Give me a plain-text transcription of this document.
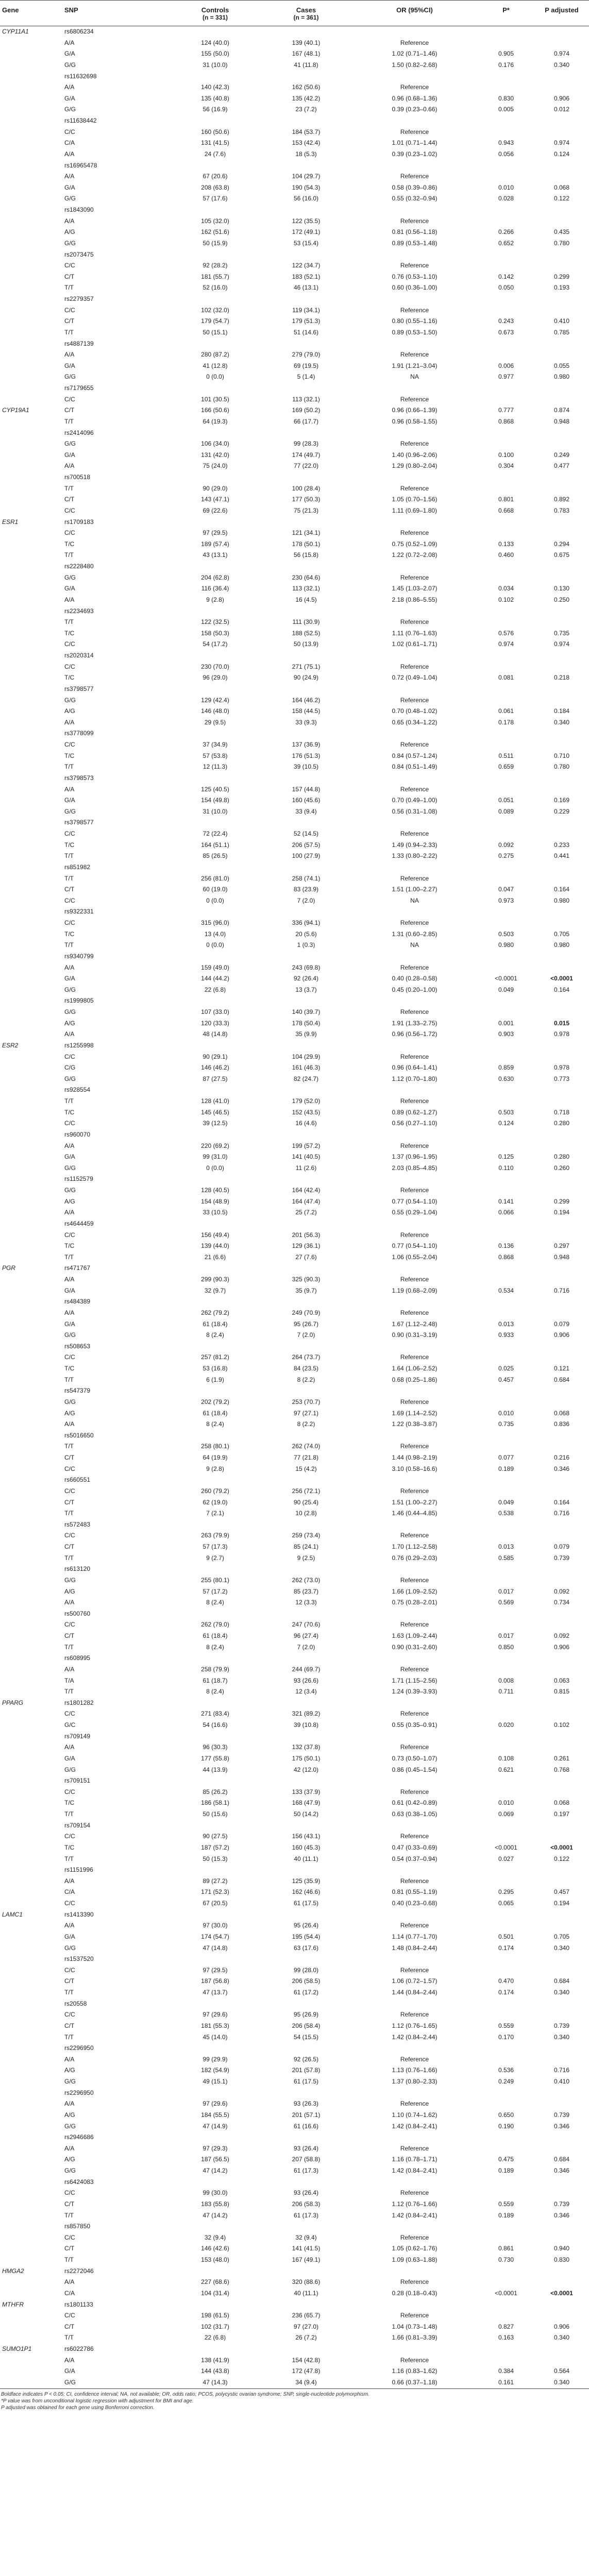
Gene	SNP	Controls	Cases	OR (95%CI)	P*	P adjusted
		(n = 331)	(n = 361)			
CYP11A1	rs6806234					
	A/A	124 (40.0)	139 (40.1)	Reference		
	G/A	155 (50.0)	167 (48.1)	1.02 (0.71–1.46)	0.905	0.974
	G/G	31 (10.0)	41 (11.8)	1.50 (0.82–2.68)	0.176	0.340
	rs11632698					
	A/A	140 (42.3)	162 (50.6)	Reference		
	G/A	135 (40.8)	135 (42.2)	0.96 (0.68–1.36)	0.830	0.906
	G/G	56 (16.9)	23 (7.2)	0.39 (0.23–0.66)	0.005	0.012
	rs11638442					
	C/C	160 (50.6)	184 (53.7)	Reference		
	C/A	131 (41.5)	153 (42.4)	1.01 (0.71–1.44)	0.943	0.974
	A/A	24 (7.6)	18 (5.3)	0.39 (0.23–1.02)	0.056	0.124
	rs16965478					
	A/A	67 (20.6)	104 (29.7)	Reference		
	G/A	208 (63.8)	190 (54.3)	0.58 (0.39–0.86)	0.010	0.068
	G/G	57 (17.6)	56 (16.0)	0.55 (0.32–0.94)	0.028	0.122
	rs1843090					
	A/A	105 (32.0)	122 (35.5)	Reference		
	A/G	162 (51.6)	172 (49.1)	0.81 (0.56–1.18)	0.266	0.435
	G/G	50 (15.9)	53 (15.4)	0.89 (0.53–1.48)	0.652	0.780
	rs2073475					
	C/C	92 (28.2)	122 (34.7)	Reference		
	C/T	181 (55.7)	183 (52.1)	0.76 (0.53–1.10)	0.142	0.299
	T/T	52 (16.0)	46 (13.1)	0.60 (0.36–1.00)	0.050	0.193
	rs2279357					
	C/C	102 (32.0)	119 (34.1)	Reference		
	C/T	179 (54.7)	179 (51.3)	0.80 (0.55–1.16)	0.243	0.410
	T/T	50 (15.1)	51 (14.6)	0.89 (0.53–1.50)	0.673	0.785
	rs4887139					
	A/A	280 (87.2)	279 (79.0)	Reference		
	G/A	41 (12.8)	69 (19.5)	1.91 (1.21–3.04)	0.006	0.055
	G/G	0 (0.0)	5 (1.4)	NA	0.977	0.980
	rs7179655					
	C/C	101 (30.5)	113 (32.1)	Reference		
CYP19A1	C/T	166 (50.6)	169 (50.2)	0.96 (0.66–1.39)	0.777	0.874
	T/T	64 (19.3)	66 (17.7)	0.96 (0.58–1.55)	0.868	0.948
	rs2414096					
	G/G	106 (34.0)	99 (28.3)	Reference		
	G/A	131 (42.0)	174 (49.7)	1.40 (0.96–2.06)	0.100	0.249
	A/A	75 (24.0)	77 (22.0)	1.29 (0.80–2.04)	0.304	0.477
	rs700518					
	T/T	90 (29.0)	100 (28.4)	Reference		
	C/T	143 (47.1)	177 (50.3)	1.05 (0.70–1.56)	0.801	0.892
	C/C	69 (22.6)	75 (21.3)	1.11 (0.69–1.80)	0.668	0.783
ESR1	rs1709183					
	C/C	97 (29.5)	121 (34.1)	Reference		
	T/C	189 (57.4)	178 (50.1)	0.75 (0.52–1.09)	0.133	0.294
	T/T	43 (13.1)	56 (15.8)	1.22 (0.72–2.08)	0.460	0.675
	rs2228480					
	G/G	204 (62.8)	230 (64.6)	Reference		
	G/A	116 (36.4)	113 (32.1)	1.45 (1.03–2.07)	0.034	0.130
	A/A	9 (2.8)	16 (4.5)	2.18 (0.86–5.55)	0.102	0.250
	rs2234693					
	T/T	122 (32.5)	111 (30.9)	Reference		
	T/C	158 (50.3)	188 (52.5)	1.11 (0.76–1.63)	0.576	0.735
	C/C	54 (17.2)	50 (13.9)	1.02 (0.61–1.71)	0.974	0.974
	rs2020314					
	C/C	230 (70.0)	271 (75.1)	Reference		
	T/C	96 (29.0)	90 (24.9)	0.72 (0.49–1.04)	0.081	0.218
	rs3798577					
	G/G	129 (42.4)	164 (46.2)	Reference		
	A/G	146 (48.0)	158 (44.5)	0.70 (0.48–1.02)	0.061	0.184
	A/A	29 (9.5)	33 (9.3)	0.65 (0.34–1.22)	0.178	0.340
	rs3778099					
	C/C	37 (34.9)	137 (36.9)	Reference		
	T/C	57 (53.8)	176 (51.3)	0.84 (0.57–1.24)	0.511	0.710
	T/T	12 (11.3)	39 (10.5)	0.84 (0.51–1.49)	0.659	0.780
	rs3798573					
	A/A	125 (40.5)	157 (44.8)	Reference		
	G/A	154 (49.8)	160 (45.6)	0.70 (0.49–1.00)	0.051	0.169
	G/G	31 (10.0)	33 (9.4)	0.56 (0.31–1.08)	0.089	0.229
	rs3798577					
	C/C	72 (22.4)	52 (14.5)	Reference		
	T/C	164 (51.1)	206 (57.5)	1.49 (0.94–2.33)	0.092	0.233
	T/T	85 (26.5)	100 (27.9)	1.33 (0.80–2.22)	0.275	0.441
	rs851982					
	T/T	256 (81.0)	258 (74.1)	Reference		
	C/T	60 (19.0)	83 (23.9)	1.51 (1.00–2.27)	0.047	0.164
	C/C	0 (0.0)	7 (2.0)	NA	0.973	0.980
	rs9322331					
	C/C	315 (96.0)	336 (94.1)	Reference		
	T/C	13 (4.0)	20 (5.6)	1.31 (0.60–2.85)	0.503	0.705
	T/T	0 (0.0)	1 (0.3)	NA	0.980	0.980
	rs9340799					
	A/A	159 (49.0)	243 (69.8)	Reference		
	G/A	144 (44.2)	92 (26.4)	0.40 (0.28–0.58)	<0.0001	<0.0001
	G/G	22 (6.8)	13 (3.7)	0.45 (0.20–1.00)	0.049	0.164
	rs1999805					
	G/G	107 (33.0)	140 (39.7)	Reference		
	A/G	120 (33.3)	178 (50.4)	1.91 (1.33–2.75)	0.001	0.015
	A/A	48 (14.8)	35 (9.9)	0.96 (0.56–1.72)	0.903	0.978
ESR2	rs1255998					
	C/C	90 (29.1)	104 (29.9)	Reference		
	C/G	146 (46.2)	161 (46.3)	0.96 (0.64–1.41)	0.859	0.978
	G/G	87 (27.5)	82 (24.7)	1.12 (0.70–1.80)	0.630	0.773
	rs928554					
	T/T	128 (41.0)	179 (52.0)	Reference		
	T/C	145 (46.5)	152 (43.5)	0.89 (0.62–1.27)	0.503	0.718
	C/C	39 (12.5)	16 (4.6)	0.56 (0.27–1.10)	0.124	0.280
	rs960070					
	A/A	220 (69.2)	199 (57.2)	Reference		
	G/A	99 (31.0)	141 (40.5)	1.37 (0.96–1.95)	0.125	0.280
	G/G	0 (0.0)	11 (2.6)	2.03 (0.85–4.85)	0.110	0.260
	rs1152579					
	G/G	128 (40.5)	164 (42.4)	Reference		
	A/G	154 (48.9)	164 (47.4)	0.77 (0.54–1.10)	0.141	0.299
	A/A	33 (10.5)	25 (7.2)	0.55 (0.29–1.04)	0.066	0.194
	rs4644459					
	C/C	156 (49.4)	201 (56.3)	Reference		
	T/C	139 (44.0)	129 (36.1)	0.77 (0.54–1.10)	0.136	0.297
	T/T	21 (6.6)	27 (7.6)	1.06 (0.55–2.04)	0.868	0.948
PGR	rs471767					
	A/A	299 (90.3)	325 (90.3)	Reference		
	G/A	32 (9.7)	35 (9.7)	1.19 (0.68–2.09)	0.534	0.716
	rs484389					
	A/A	262 (79.2)	249 (70.9)	Reference		
	G/A	61 (18.4)	95 (26.7)	1.67 (1.12–2.48)	0.013	0.079
	G/G	8 (2.4)	7 (2.0)	0.90 (0.31–3.19)	0.933	0.906
	rs508653					
	C/C	257 (81.2)	264 (73.7)	Reference		
	T/C	53 (16.8)	84 (23.5)	1.64 (1.06–2.52)	0.025	0.121
	T/T	6 (1.9)	8 (2.2)	0.68 (0.25–1.86)	0.457	0.684
	rs547379					
	G/G	202 (79.2)	253 (70.7)	Reference		
	A/G	61 (18.4)	97 (27.1)	1.69 (1.14–2.52)	0.010	0.068
	A/A	8 (2.4)	8 (2.2)	1.22 (0.38–3.87)	0.735	0.836
	rs5016650					
	T/T	258 (80.1)	262 (74.0)	Reference		
	C/T	64 (19.9)	77 (21.8)	1.44 (0.98–2.19)	0.077	0.216
	C/C	9 (2.8)	15 (4.2)	3.10 (0.58–16.6)	0.189	0.346
	rs660551					
	C/C	260 (79.2)	256 (72.1)	Reference		
	C/T	62 (19.0)	90 (25.4)	1.51 (1.00–2.27)	0.049	0.164
	T/T	7 (2.1)	10 (2.8)	1.46 (0.44–4.85)	0.538	0.716
	rs572483					
	C/C	263 (79.9)	259 (73.4)	Reference		
	C/T	57 (17.3)	85 (24.1)	1.70 (1.12–2.58)	0.013	0.079
	T/T	9 (2.7)	9 (2.5)	0.76 (0.29–2.03)	0.585	0.739
	rs613120					
	G/G	255 (80.1)	262 (73.0)	Reference		
	A/G	57 (17.2)	85 (23.7)	1.66 (1.09–2.52)	0.017	0.092
	A/A	8 (2.4)	12 (3.3)	0.75 (0.28–2.01)	0.569	0.734
	rs500760					
	C/C	262 (79.0)	247 (70.6)	Reference		
	C/T	61 (18.4)	96 (27.4)	1.63 (1.09–2.44)	0.017	0.092
	T/T	8 (2.4)	7 (2.0)	0.90 (0.31–2.60)	0.850	0.906
	rs608995					
	A/A	258 (79.9)	244 (69.7)	Reference		
	T/A	61 (18.7)	93 (26.6)	1.71 (1.15–2.56)	0.008	0.063
	T/T	8 (2.4)	12 (3.4)	1.24 (0.39–3.93)	0.711	0.815
PPARG	rs1801282					
	C/C	271 (83.4)	321 (89.2)	Reference		
	G/C	54 (16.6)	39 (10.8)	0.55 (0.35–0.91)	0.020	0.102
	rs709149					
	A/A	96 (30.3)	132 (37.8)	Reference		
	G/A	177 (55.8)	175 (50.1)	0.73 (0.50–1.07)	0.108	0.261
	G/G	44 (13.9)	42 (12.0)	0.86 (0.45–1.54)	0.621	0.768
	rs709151					
	C/C	85 (26.2)	133 (37.9)	Reference		
	T/C	186 (58.1)	168 (47.9)	0.61 (0.42–0.89)	0.010	0.068
	T/T	50 (15.6)	50 (14.2)	0.63 (0.38–1.05)	0.069	0.197
	rs709154					
	C/C	90 (27.5)	156 (43.1)	Reference		
	T/C	187 (57.2)	160 (45.3)	0.47 (0.33–0.69)	<0.0001	<0.0001
	T/T	50 (15.3)	40 (11.1)	0.54 (0.37–0.94)	0.027	0.122
	rs1151996					
	A/A	89 (27.2)	125 (35.9)	Reference		
	C/A	171 (52.3)	162 (46.6)	0.81 (0.55–1.19)	0.295	0.457
	C/C	67 (20.5)	61 (17.5)	0.40 (0.23–0.68)	0.065	0.194
LAMC1	rs1413390					
	A/A	97 (30.0)	95 (26.4)	Reference		
	G/A	174 (54.7)	195 (54.4)	1.14 (0.77–1.70)	0.501	0.705
	G/G	47 (14.8)	63 (17.6)	1.48 (0.84–2.44)	0.174	0.340
	rs1537520					
	C/C	97 (29.5)	99 (28.0)	Reference		
	C/T	187 (56.8)	206 (58.5)	1.06 (0.72–1.57)	0.470	0.684
	T/T	47 (13.7)	61 (17.2)	1.44 (0.84–2.44)	0.174	0.340
	rs20558					
	C/C	97 (29.6)	95 (26.9)	Reference		
	C/T	181 (55.3)	206 (58.4)	1.12 (0.76–1.65)	0.559	0.739
	T/T	45 (14.0)	54 (15.5)	1.42 (0.84–2.44)	0.170	0.340
	rs2296950					
	A/A	99 (29.9)	92 (26.5)	Reference		
	A/G	182 (54.9)	201 (57.8)	1.13 (0.76–1.66)	0.536	0.716
	G/G	49 (15.1)	61 (17.5)	1.37 (0.80–2.33)	0.249	0.410
	rs2296950					
	A/A	97 (29.6)	93 (26.3)	Reference		
	A/G	184 (55.5)	201 (57.1)	1.10 (0.74–1.62)	0.650	0.739
	G/G	47 (14.9)	61 (16.6)	1.42 (0.84–2.41)	0.190	0.346
	rs2946686					
	A/A	97 (29.3)	93 (26.4)	Reference		
	A/G	187 (56.5)	207 (58.8)	1.16 (0.78–1.71)	0.475	0.684
	G/G	47 (14.2)	61 (17.3)	1.42 (0.84–2.41)	0.189	0.346
	rs6424083					
	C/C	99 (30.0)	93 (26.4)	Reference		
	C/T	183 (55.8)	206 (58.3)	1.12 (0.76–1.66)	0.559	0.739
	T/T	47 (14.2)	61 (17.3)	1.42 (0.84–2.41)	0.189	0.346
	rs857850					
	C/C	32 (9.4)	32 (9.4)	Reference		
	C/T	146 (42.6)	141 (41.5)	1.05 (0.62–1.76)	0.861	0.940
	T/T	153 (48.0)	167 (49.1)	1.09 (0.63–1.88)	0.730	0.830
HMGA2	rs2272046					
	A/A	227 (68.6)	320 (88.6)	Reference		
	C/A	104 (31.4)	40 (11.1)	0.28 (0.18–0.43)	<0.0001	<0.0001
MTHFR	rs1801133					
	C/C	198 (61.5)	236 (65.7)	Reference		
	C/T	102 (31.7)	97 (27.0)	1.04 (0.73–1.48)	0.827	0.906
	T/T	22 (6.8)	26 (7.2)	1.66 (0.81–3.39)	0.163	0.340
SUMO1P1	rs6022786					
	A/A	138 (41.9)	154 (42.8)	Reference		
	G/A	144 (43.8)	172 (47.8)	1.16 (0.83–1.62)	0.384	0.564
	G/G	47 (14.3)	34 (9.4)	0.66 (0.37–1.18)	0.161	0.340
Boldface indicates P < 0.05; CI, confidence interval; NA, not available; OR, odds ratio; PCOS, polycystic ovarian syndrome; SNP, single-nucleotide polymorphism.
*P value was from unconditional logistic regression with adjustment for BMI and age.
P adjusted was obtained for each gene using Bonferroni correction.
